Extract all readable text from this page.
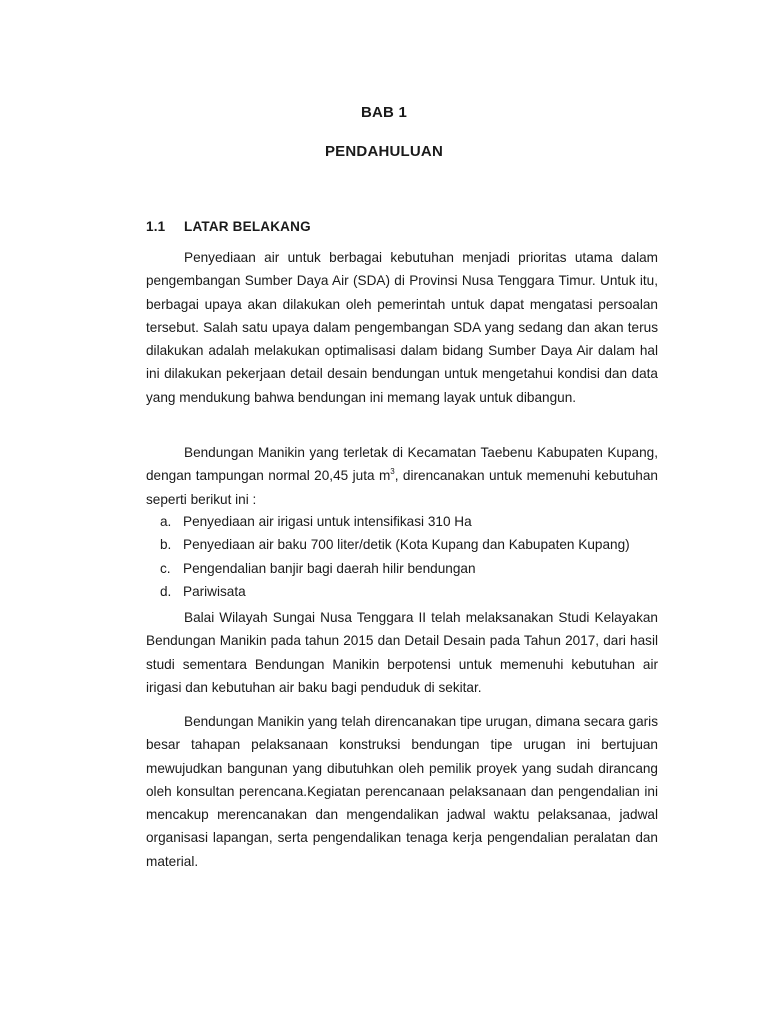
BAB 1
PENDAHULUAN
1.1 LATAR BELAKANG

Penyediaan air untuk berbagai kebutuhan menjadi prioritas utama dalam pengembangan Sumber Daya Air (SDA) di Provinsi Nusa Tenggara Timur. Untuk itu, berbagai upaya akan dilakukan oleh pemerintah untuk dapat mengatasi persoalan tersebut. Salah satu upaya dalam pengembangan SDA yang sedang dan akan terus dilakukan adalah melakukan optimalisasi dalam bidang Sumber Daya Air dalam hal ini dilakukan pekerjaan detail desain bendungan untuk mengetahui kondisi dan data yang mendukung bahwa bendungan ini memang layak untuk dibangun.

Bendungan Manikin yang terletak di Kecamatan Taebenu Kabupaten Kupang, dengan tampungan normal 20,45 juta $m^3$, direncanakan untuk memenuhi kebutuhan seperti berikut ini :

a. Penyediaan air irigasi untuk intensifikasi 310 Ha
b. Penyediaan air baku 700 liter/detik (Kota Kupang dan Kabupaten Kupang)
c. Pengendalian banjir bagi daerah hilir bendungan
d. Pariwisata

Balai Wilayah Sungai Nusa Tenggara II telah melaksanakan Studi Kelayakan Bendungan Manikin pada tahun 2015 dan Detail Desain pada Tahun 2017, dari hasil studi sementara Bendungan Manikin berpotensi untuk memenuhi kebutuhan air irigasi dan kebutuhan air baku bagi penduduk di sekitar.

Bendungan Manikin yang telah direncanakan tipe urugan, dimana secara garis besar tahapan pelaksanaan konstruksi bendungan tipe urugan ini bertujuan mewujudkan bangunan yang dibutuhkan oleh pemilik proyek yang sudah dirancang oleh konsultan perencana.Kegiatan perencanaan pelaksanaan dan pengendalian ini mencakup merencanakan dan mengendalikan jadwal waktu pelaksanaa, jadwal organisasi lapangan, serta pengendalikan tenaga kerja pengendalian peralatan dan material.
